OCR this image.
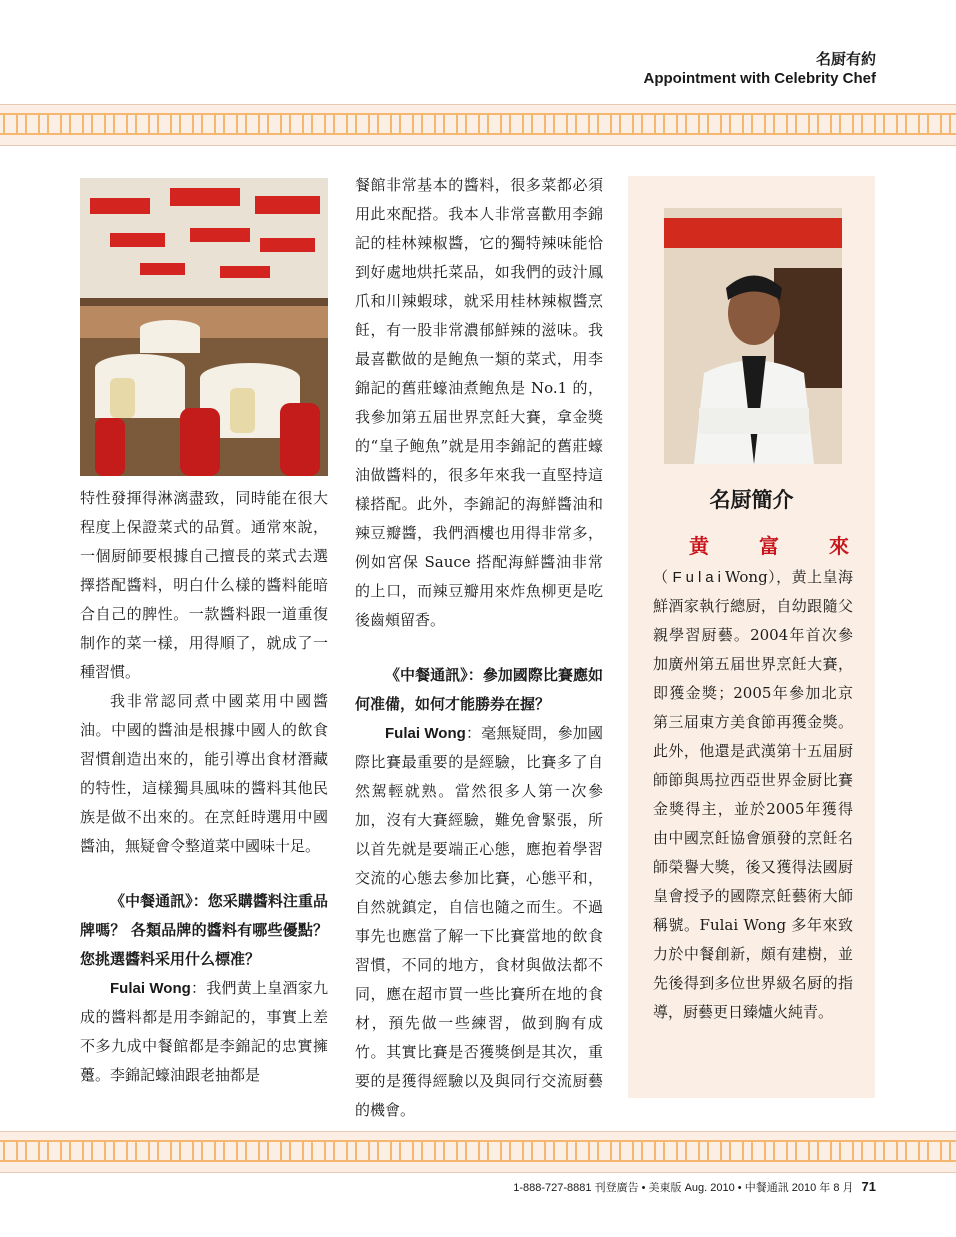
名厨有約
Appointment with Celebrity Chef

特性發揮得淋漓盡致，同時能在很大程度上保證菜式的品質。通常來說，一個厨師要根據自己擅長的菜式去選擇搭配醬料，明白什么樣的醬料能暗合自己的脾性。一款醬料跟一道重復制作的菜一樣，用得順了，就成了一種習慣。

我非常認同煮中國菜用中國醬油。中國的醬油是根據中國人的飲食習慣創造出來的，能引導出食材潛藏的特性，這樣獨具風味的醬料其他民族是做不出來的。在烹飪時選用中國醬油，無疑會令整道菜中國味十足。

《中餐通訊》：您采購醬料注重品牌嗎？ 各類品牌的醬料有哪些優點？您挑選醬料采用什么標准？

Fulai Wong：我們黄上皇酒家九成的醬料都是用李錦記的，事實上差不多九成中餐館都是李錦記的忠實擁躉。李錦記蠔油跟老抽都是

餐館非常基本的醬料，很多菜都必須用此來配搭。我本人非常喜歡用李錦記的桂林辣椒醬，它的獨特辣味能恰到好處地烘托菜品，如我們的豉汁鳳爪和川辣蝦球，就采用桂林辣椒醬烹飪，有一股非常濃郁鮮辣的滋味。我最喜歡做的是鲍魚一類的菜式，用李錦記的舊莊蠔油煮鲍魚是 No.1 的，我參加第五届世界烹飪大賽，拿金獎的“皇子鲍魚”就是用李錦記的舊莊蠔油做醬料的，很多年來我一直堅持這樣搭配。此外，李錦記的海鮮醬油和辣豆瓣醬，我們酒樓也用得非常多，例如宮保 Sauce 搭配海鮮醬油非常的上口，而辣豆瓣用來炸魚柳更是吃後齒頰留香。

《中餐通訊》：參加國際比賽應如何准備，如何才能勝券在握？

Fulai Wong：毫無疑問，參加國際比賽最重要的是經驗，比賽多了自然駕輕就熟。當然很多人第一次參加，沒有大賽經驗，難免會緊張，所以首先就是要端正心態，應抱着學習交流的心態去參加比賽，心態平和，自然就鎮定，自信也隨之而生。不過事先也應當了解一下比賽當地的飲食習慣，不同的地方，食材與做法都不同，應在超市買一些比賽所在地的食材，預先做一些練習，做到胸有成竹。其實比賽是否獲獎倒是其次，重要的是獲得經驗以及與同行交流厨藝的機會。

名厨簡介
黄富來（FulaiWong），黄上皇海鮮酒家執行總厨，自幼跟隨父親學習厨藝。2004年首次參加廣州第五届世界烹飪大賽，即獲金獎；2005年參加北京第三届東方美食節再獲金獎。此外，他還是武漢第十五届厨師節與馬拉西亞世界金厨比賽金獎得主，並於2005年獲得由中國烹飪協會頒發的烹飪名師榮譽大獎，後又獲得法國厨皇會授予的國際烹飪藝術大師稱號。Fulai Wong 多年來致力於中餐創新，頗有建樹，並先後得到多位世界級名厨的指導，厨藝更日臻爐火純青。
1-888-727-8881 刊登廣告 • 美東版 Aug. 2010 • 中餐通訊 2010 年 8 月 71
